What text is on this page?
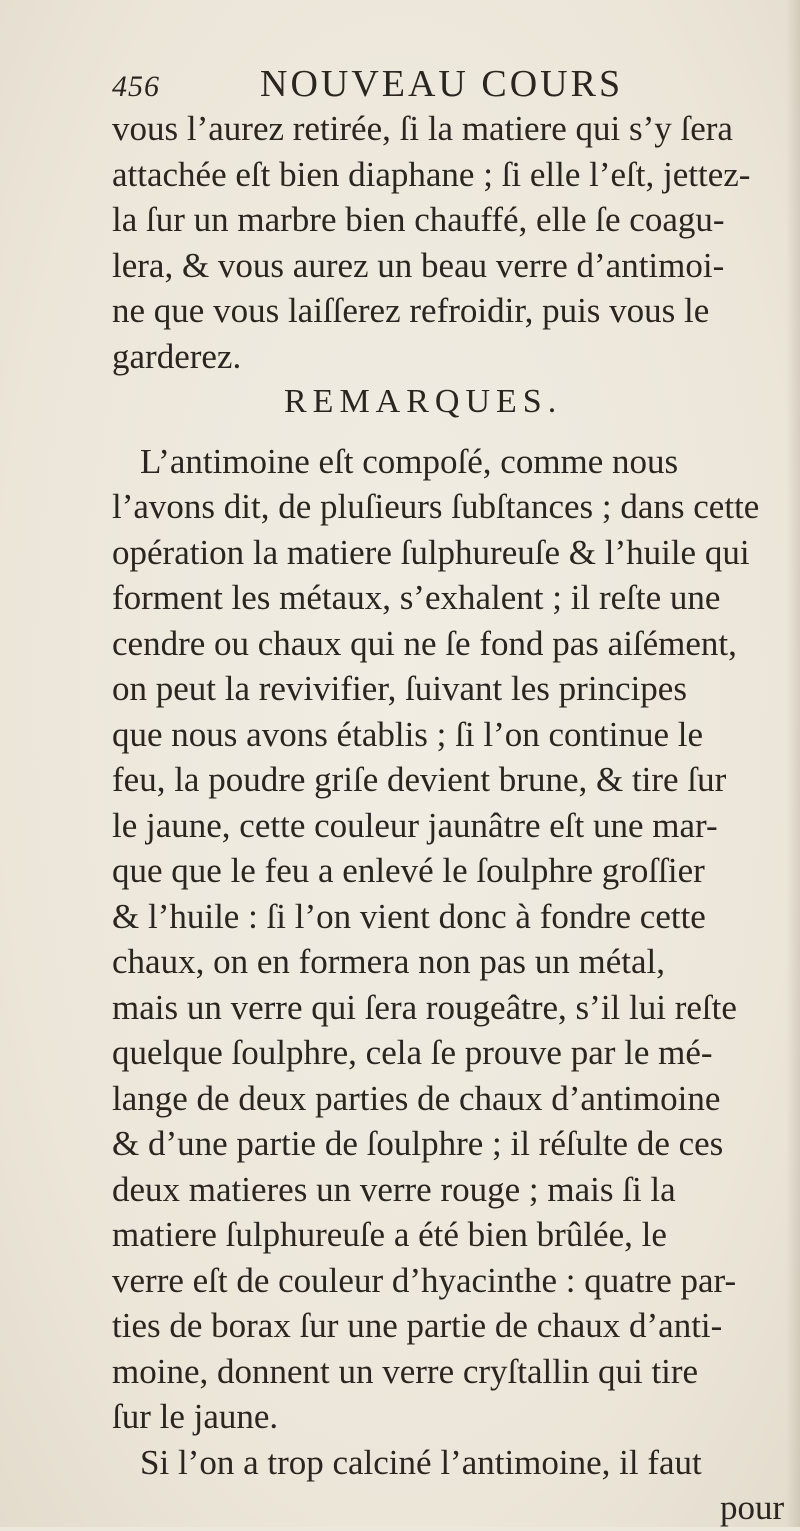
456	NOUVEAU COURS
vous l’aurez retirée, ſi la matiere qui s’y ſera
attachée eſt bien diaphane ; ſi elle l’eſt, jettez-
la ſur un marbre bien chauffé, elle ſe coagu-
lera, & vous aurez un beau verre d’antimoi-
ne que vous laiſſerez refroidir, puis vous le
garderez.
REMARQUES.
L’antimoine eſt compoſé, comme nous
l’avons dit, de pluſieurs ſubſtances ; dans cette
opération la matiere ſulphureuſe & l’huile qui
forment les métaux, s’exhalent ; il reſte une
cendre ou chaux qui ne ſe fond pas aiſément,
on peut la revivifier, ſuivant les principes
que nous avons établis ; ſi l’on continue le
feu, la poudre griſe devient brune, & tire ſur
le jaune, cette couleur jaunâtre eſt une mar-
que que le feu a enlevé le ſoulphre groſſier
& l’huile : ſi l’on vient donc à fondre cette
chaux, on en formera non pas un métal,
mais un verre qui ſera rougeâtre, s’il lui reſte
quelque ſoulphre, cela ſe prouve par le mé-
lange de deux parties de chaux d’antimoine
& d’une partie de ſoulphre ; il réſulte de ces
deux matieres un verre rouge ; mais ſi la
matiere ſulphureuſe a été bien brûlée, le
verre eſt de couleur d’hyacinthe : quatre par-
ties de borax ſur une partie de chaux d’anti-
moine, donnent un verre cryſtallin qui tire
ſur le jaune.
Si l’on a trop calciné l’antimoine, il faut
pour
